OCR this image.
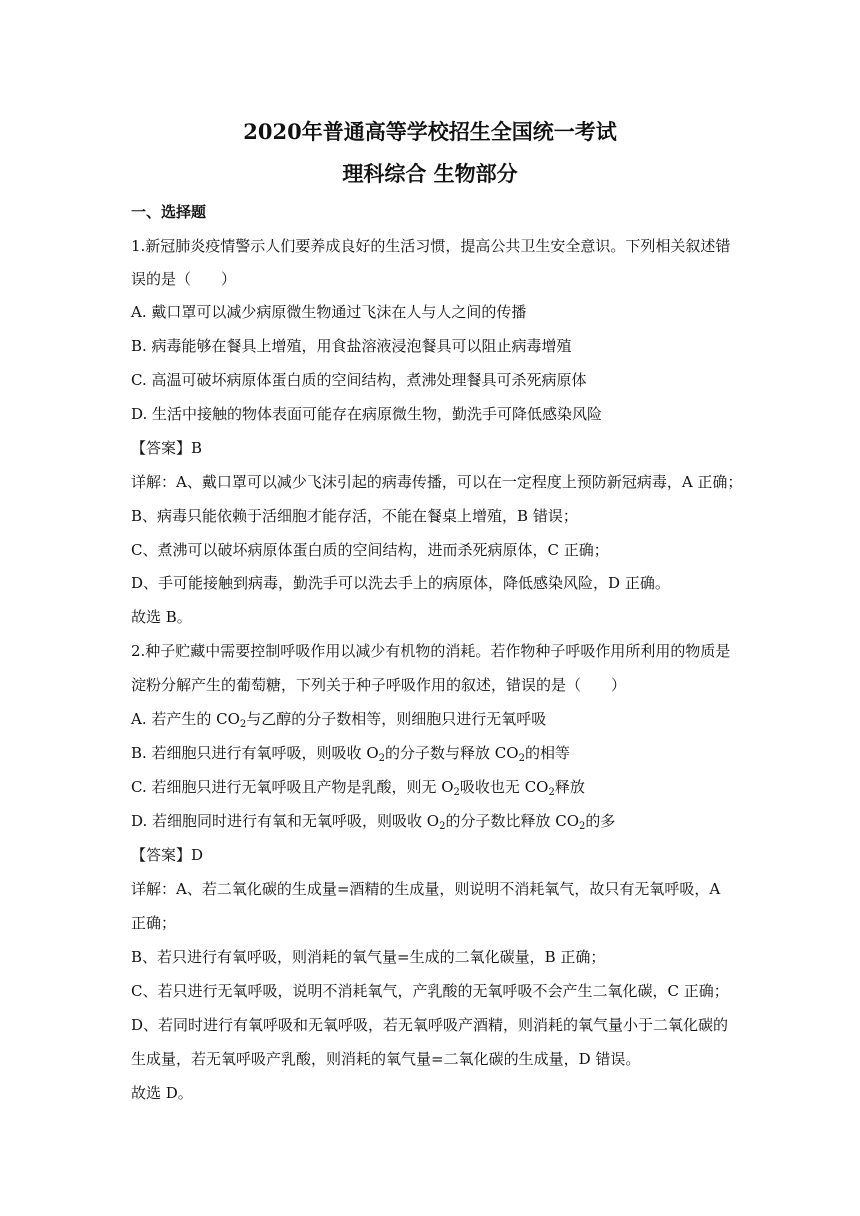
2020年普通高等学校招生全国统一考试
理科综合 生物部分
一、选择题
1.新冠肺炎疫情警示人们要养成良好的生活习惯，提高公共卫生安全意识。下列相关叙述错
误的是（　　）
A. 戴口罩可以减少病原微生物通过飞沫在人与人之间的传播
B. 病毒能够在餐具上增殖，用食盐溶液浸泡餐具可以阻止病毒增殖
C. 高温可破坏病原体蛋白质的空间结构，煮沸处理餐具可杀死病原体
D. 生活中接触的物体表面可能存在病原微生物，勤洗手可降低感染风险
【答案】B
详解：A、戴口罩可以减少飞沫引起的病毒传播，可以在一定程度上预防新冠病毒，A 正确；
B、病毒只能依赖于活细胞才能存活，不能在餐桌上增殖，B 错误；
C、煮沸可以破坏病原体蛋白质的空间结构，进而杀死病原体，C 正确；
D、手可能接触到病毒，勤洗手可以洗去手上的病原体，降低感染风险，D 正确。
故选 B。
2.种子贮藏中需要控制呼吸作用以减少有机物的消耗。若作物种子呼吸作用所利用的物质是
淀粉分解产生的葡萄糖，下列关于种子呼吸作用的叙述，错误的是（　　）
A. 若产生的 $CO_2$与乙醇的分子数相等，则细胞只进行无氧呼吸
B. 若细胞只进行有氧呼吸，则吸收 $O_2$的分子数与释放 $CO_2$的相等
C. 若细胞只进行无氧呼吸且产物是乳酸，则无 $O_2$吸收也无 $CO_2$释放
D. 若细胞同时进行有氧和无氧呼吸，则吸收 $O_2$的分子数比释放 $CO_2$的多
【答案】D
详解：A、若二氧化碳的生成量=酒精的生成量，则说明不消耗氧气，故只有无氧呼吸，A
正确；
B、若只进行有氧呼吸，则消耗的氧气量=生成的二氧化碳量，B 正确；
C、若只进行无氧呼吸，说明不消耗氧气，产乳酸的无氧呼吸不会产生二氧化碳，C 正确；
D、若同时进行有氧呼吸和无氧呼吸，若无氧呼吸产酒精，则消耗的氧气量小于二氧化碳的
生成量，若无氧呼吸产乳酸，则消耗的氧气量=二氧化碳的生成量，D 错误。
故选 D。
